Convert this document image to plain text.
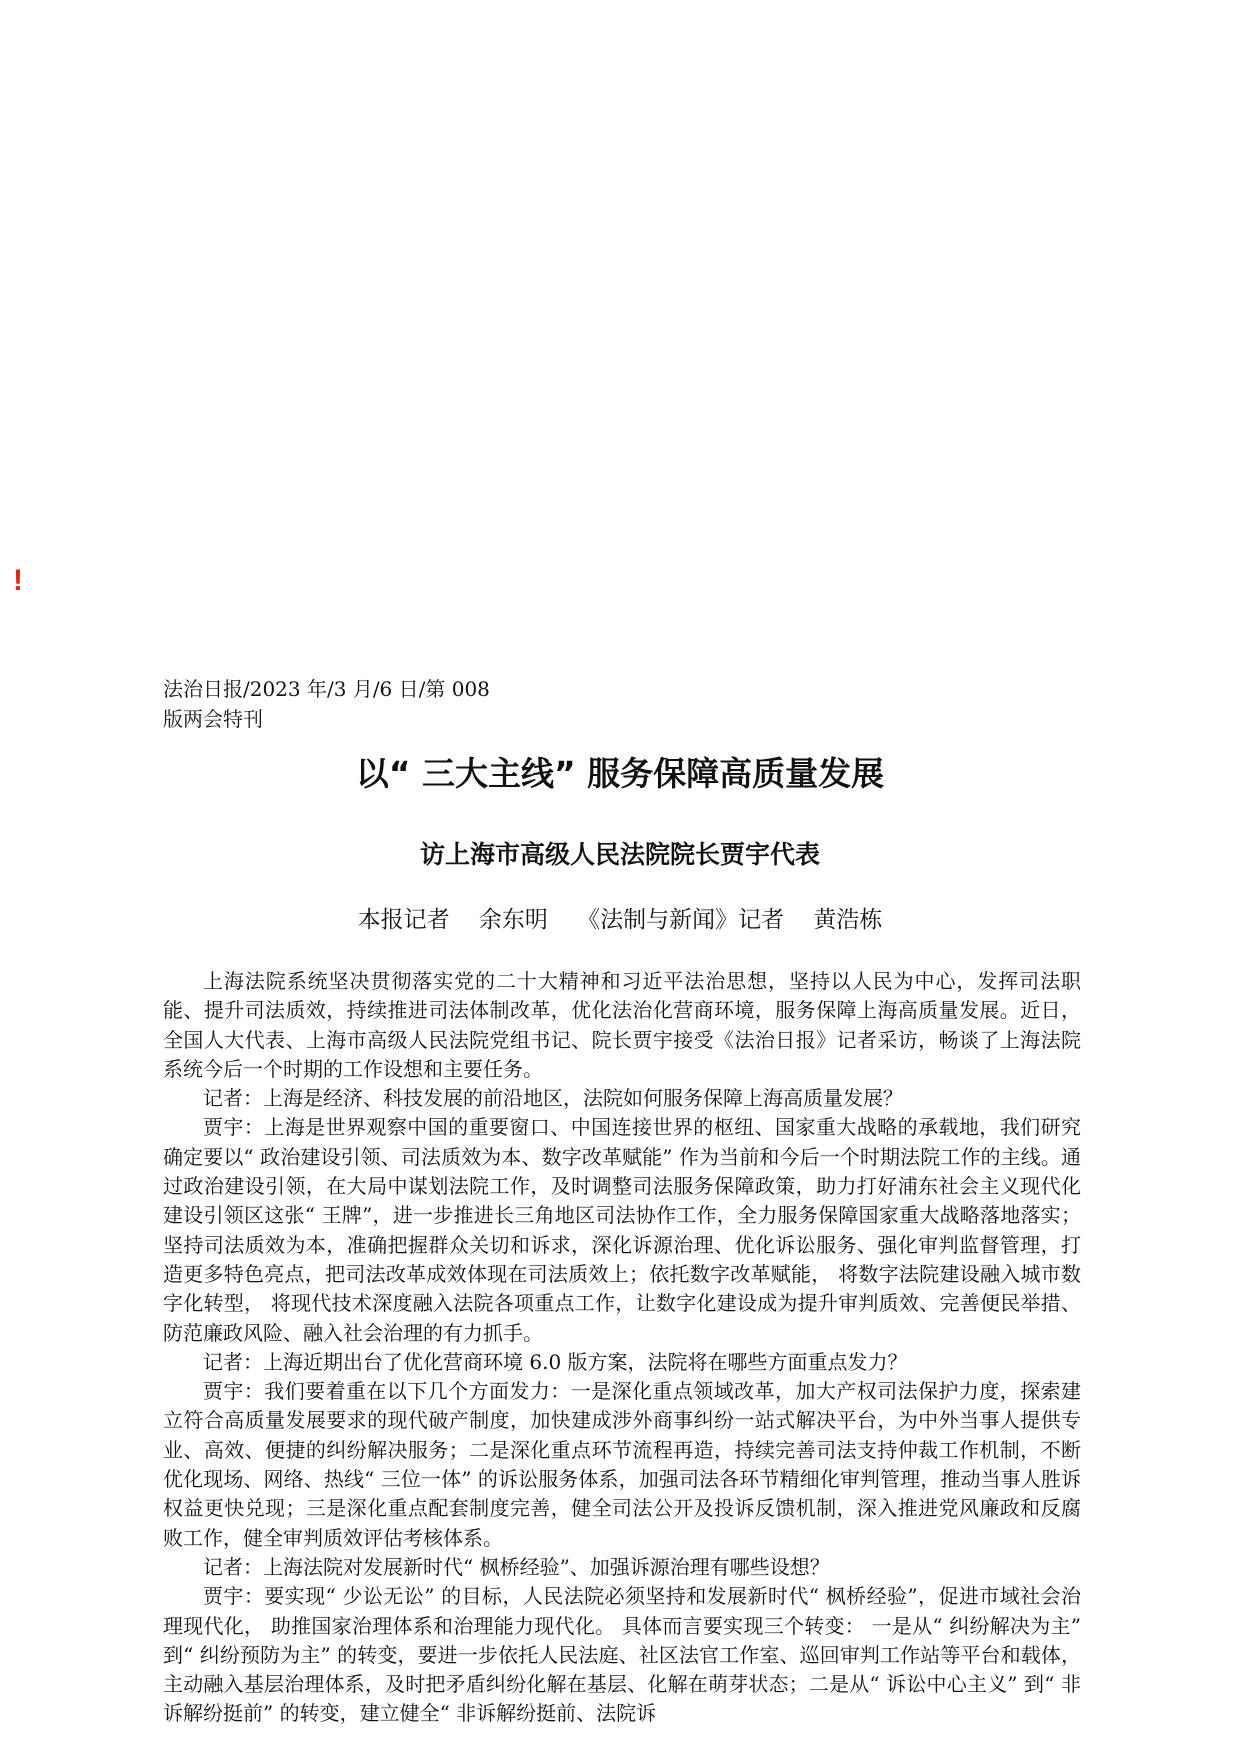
!
法治日报/2023 年/3 月/6 日/第 008
版两会特刊
以“ 三大主线” 服务保障高质量发展
访上海市高级人民法院院长贾宇代表
本报记者    余东明    《法制与新闻》记者    黄浩栋

上海法院系统坚决贯彻落实党的二十大精神和习近平法治思想，坚持以人民为中心，发挥司法职能、提升司法质效，持续推进司法体制改革，优化法治化营商环境，服务保障上海高质量发展。近日，全国人大代表、上海市高级人民法院党组书记、院长贾宇接受《法治日报》记者采访，畅谈了上海法院系统今后一个时期的工作设想和主要任务。

记者：上海是经济、科技发展的前沿地区，法院如何服务保障上海高质量发展？

贾宇：上海是世界观察中国的重要窗口、中国连接世界的枢纽、国家重大战略的承载地，我们研究确定要以“ 政治建设引领、司法质效为本、数字改革赋能” 作为当前和今后一个时期法院工作的主线。通过政治建设引领，在大局中谋划法院工作，及时调整司法服务保障政策，助力打好浦东社会主义现代化建设引领区这张“ 王牌”，进一步推进长三角地区司法协作工作，全力服务保障国家重大战略落地落实；坚持司法质效为本，准确把握群众关切和诉求，深化诉源治理、优化诉讼服务、强化审判监督管理，打造更多特色亮点，把司法改革成效体现在司法质效上；依托数字改革赋能， 将数字法院建设融入城市数字化转型， 将现代技术深度融入法院各项重点工作，让数字化建设成为提升审判质效、完善便民举措、防范廉政风险、融入社会治理的有力抓手。

记者：上海近期出台了优化营商环境 6.0 版方案，法院将在哪些方面重点发力？

贾宇：我们要着重在以下几个方面发力：一是深化重点领域改革，加大产权司法保护力度，探索建立符合高质量发展要求的现代破产制度，加快建成涉外商事纠纷一站式解决平台，为中外当事人提供专业、高效、便捷的纠纷解决服务；二是深化重点环节流程再造，持续完善司法支持仲裁工作机制，不断优化现场、网络、热线“ 三位一体” 的诉讼服务体系，加强司法各环节精细化审判管理，推动当事人胜诉权益更快兑现；三是深化重点配套制度完善，健全司法公开及投诉反馈机制，深入推进党风廉政和反腐败工作，健全审判质效评估考核体系。

记者：上海法院对发展新时代“ 枫桥经验”、加强诉源治理有哪些设想？

贾宇：要实现“ 少讼无讼” 的目标，人民法院必须坚持和发展新时代“ 枫桥经验”，促进市域社会治理现代化， 助推国家治理体系和治理能力现代化。 具体而言要实现三个转变： 一是从“ 纠纷解决为主” 到“ 纠纷预防为主” 的转变，要进一步依托人民法庭、社区法官工作室、巡回审判工作站等平台和载体，主动融入基层治理体系，及时把矛盾纠纷化解在基层、化解在萌芽状态；二是从“ 诉讼中心主义” 到“ 非诉解纷挺前” 的转变，建立健全“ 非诉解纷挺前、法院诉
